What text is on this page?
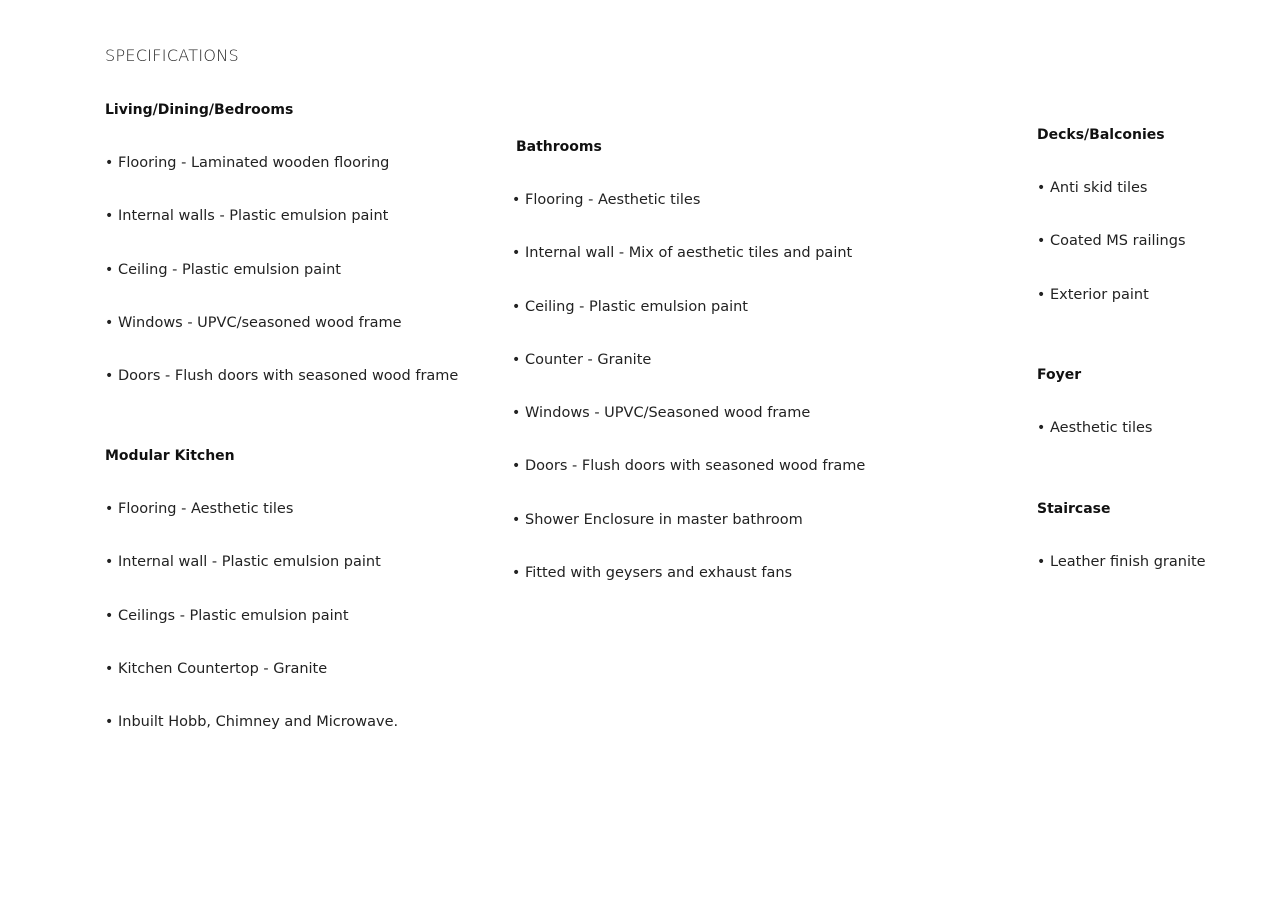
SPECIFICATIONS
Living/Dining/Bedrooms
• Flooring - Laminated wooden flooring
• Internal walls - Plastic emulsion paint
• Ceiling - Plastic emulsion paint
• Windows - UPVC/seasoned wood frame
• Doors - Flush doors with seasoned wood frame
Modular Kitchen
• Flooring - Aesthetic tiles
• Internal wall - Plastic emulsion paint
• Ceilings - Plastic emulsion paint
• Kitchen Countertop - Granite
• Inbuilt Hobb, Chimney and Microwave.
Bathrooms
• Flooring - Aesthetic tiles
• Internal wall - Mix of aesthetic tiles and paint
• Ceiling - Plastic emulsion paint
• Counter - Granite
• Windows - UPVC/Seasoned wood frame
• Doors - Flush doors with seasoned wood frame
• Shower Enclosure in master bathroom
• Fitted with geysers and exhaust fans
Decks/Balconies
• Anti skid tiles
• Coated MS railings
• Exterior paint
Foyer
• Aesthetic tiles
Staircase
• Leather finish granite
